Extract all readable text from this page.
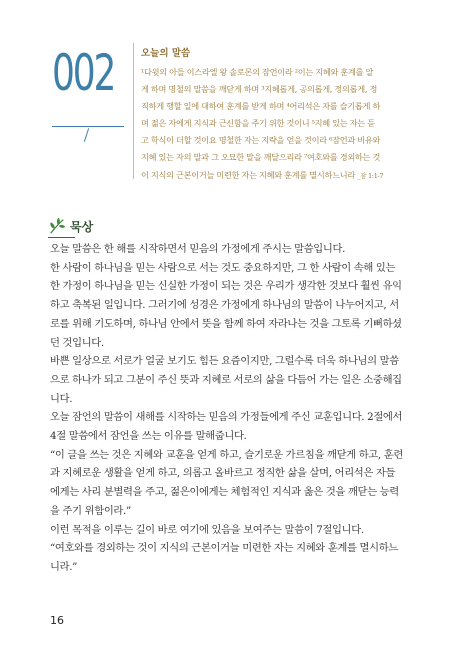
002	오늘의 말씀
¹다윗의 아들 이스라엘 왕 솔로몬의 잠언이라 ²이는 지혜와 훈계를 알
게 하며 명철의 말씀을 깨닫게 하며 ³지혜롭게, 공의롭게, 정의롭게, 정
직하게 행할 일에 대하여 훈계를 받게 하며 ⁴어리석은 자를 슬기롭게 하
며 젊은 자에게 지식과 근신함을 주기 위한 것이니 ⁵지혜 있는 자는 듣
고 학식이 더할 것이요 명철한 자는 지략을 얻을 것이라 ⁶잠언과 비유와
지혜 있는 자의 말과 그 오묘한 말을 깨달으리라 ⁷여호와를 경외하는 것
이 지식의 근본이거늘 미련한 자는 지혜와 훈계를 멸시하느니라 _잠 1:1-7
묵상

오늘 말씀은 한 해를 시작하면서 믿음의 가정에게 주시는 말씀입니다.

한 사람이 하나님을 믿는 사람으로 서는 것도 중요하지만, 그 한 사람이 속해 있는

한 가정이 하나님을 믿는 신실한 가정이 되는 것은 우리가 생각한 것보다 훨씬 유익

하고 축복된 일입니다. 그러기에 성경은 가정에게 하나님의 말씀이 나누어지고, 서

로를 위해 기도하며, 하나님 안에서 뜻을 함께 하여 자라나는 것을 그토록 기뻐하셨

던 것입니다.

바쁜 일상으로 서로가 얼굴 보기도 힘든 요즘이지만, 그럴수록 더욱 하나님의 말씀

으로 하나가 되고 그분이 주신 뜻과 지혜로 서로의 삶을 다듬어 가는 일은 소중해집

니다.

오늘 잠언의 말씀이 새해를 시작하는 믿음의 가정들에게 주신 교훈입니다. 2절에서

4절 말씀에서 잠언을 쓰는 이유를 말해줍니다.

“이 글을 쓰는 것은 지혜와 교훈을 얻게 하고, 슬기로운 가르침을 깨닫게 하고, 훈련

과 지혜로운 생활을 얻게 하고, 의롭고 올바르고 정직한 삶을 살며, 어리석은 자들

에게는 사리 분별력을 주고, 젊은이에게는 체험적인 지식과 옳은 것을 깨닫는 능력

을 주기 위함이라.”

이런 목적을 이루는 길이 바로 여기에 있음을 보여주는 말씀이 7절입니다.

“여호와를 경외하는 것이 지식의 근본이거늘 미련한 자는 지혜와 훈계를 멸시하느

니라.”

16
